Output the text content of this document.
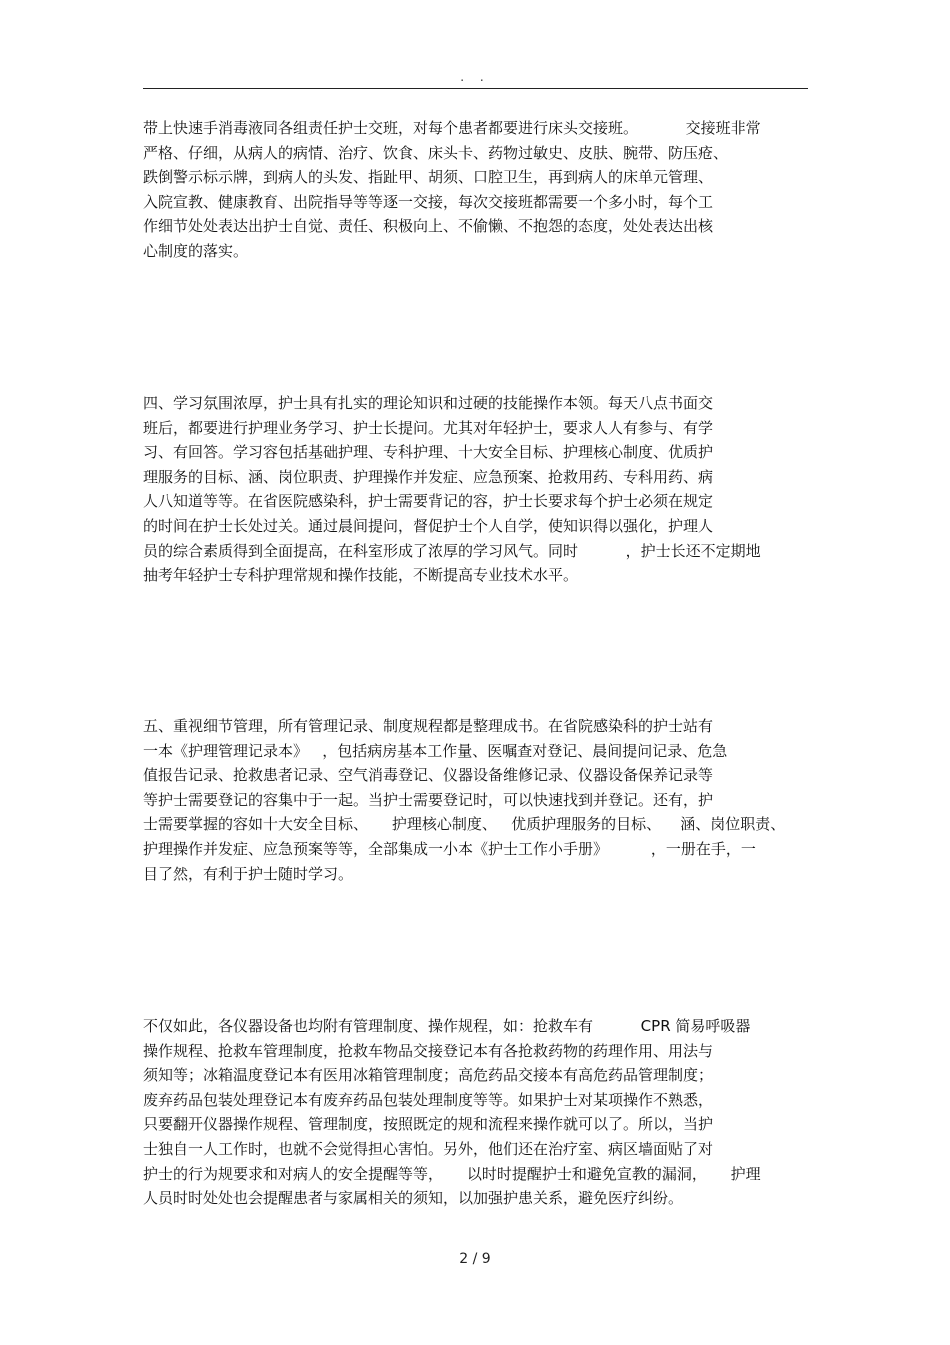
. .
带上快速手消毒液同各组责任护士交班，对每个患者都要进行床头交接班。          交接班非常
严格、仔细，从病人的病情、治疗、饮食、床头卡、药物过敏史、皮肤、腕带、防压疮、
跌倒警示标示牌，到病人的头发、指趾甲、胡须、口腔卫生，再到病人的床单元管理、
入院宣教、健康教育、出院指导等等逐一交接，每次交接班都需要一个多小时，每个工
作细节处处表达出护士自觉、责任、积极向上、不偷懒、不抱怨的态度，处处表达出核
心制度的落实。
四、学习氛围浓厚，护士具有扎实的理论知识和过硬的技能操作本领。每天八点书面交
班后，都要进行护理业务学习、护士长提问。尤其对年轻护士，要求人人有参与、有学
习、有回答。学习容包括基础护理、专科护理、十大安全目标、护理核心制度、优质护
理服务的目标、涵、岗位职责、护理操作并发症、应急预案、抢救用药、专科用药、病
人八知道等等。在省医院感染科，护士需要背记的容，护士长要求每个护士必须在规定
的时间在护士长处过关。通过晨间提问，督促护士个人自学，使知识得以强化，护理人
员的综合素质得到全面提高，在科室形成了浓厚的学习风气。同时          ，护士长还不定期地
抽考年轻护士专科护理常规和操作技能，不断提高专业技术水平。
五、重视细节管理，所有管理记录、制度规程都是整理成书。在省院感染科的护士站有
一本《护理管理记录本》   ，包括病房基本工作量、医嘱查对登记、晨间提问记录、危急
值报告记录、抢救患者记录、空气消毒登记、仪器设备维修记录、仪器设备保养记录等
等护士需要登记的容集中于一起。当护士需要登记时，可以快速找到并登记。还有，护
士需要掌握的容如十大安全目标、     护理核心制度、   优质护理服务的目标、    涵、岗位职责、
护理操作并发症、应急预案等等，全部集成一小本《护士工作小手册》         ，一册在手，一
目了然，有利于护士随时学习。
不仅如此，各仪器设备也均附有管理制度、操作规程，如：抢救车有          CPR 简易呼吸器
操作规程、抢救车管理制度，抢救车物品交接登记本有各抢救药物的药理作用、用法与
须知等；冰箱温度登记本有医用冰箱管理制度；高危药品交接本有高危药品管理制度；
废弃药品包装处理登记本有废弃药品包装处理制度等等。如果护士对某项操作不熟悉，
只要翻开仪器操作规程、管理制度，按照既定的规和流程来操作就可以了。所以，当护
士独自一人工作时，也就不会觉得担心害怕。另外，他们还在治疗室、病区墙面贴了对
护士的行为规要求和对病人的安全提醒等等，     以时时提醒护士和避免宣教的漏洞，     护理
人员时时处处也会提醒患者与家属相关的须知，以加强护患关系，避免医疗纠纷。
2 / 9
